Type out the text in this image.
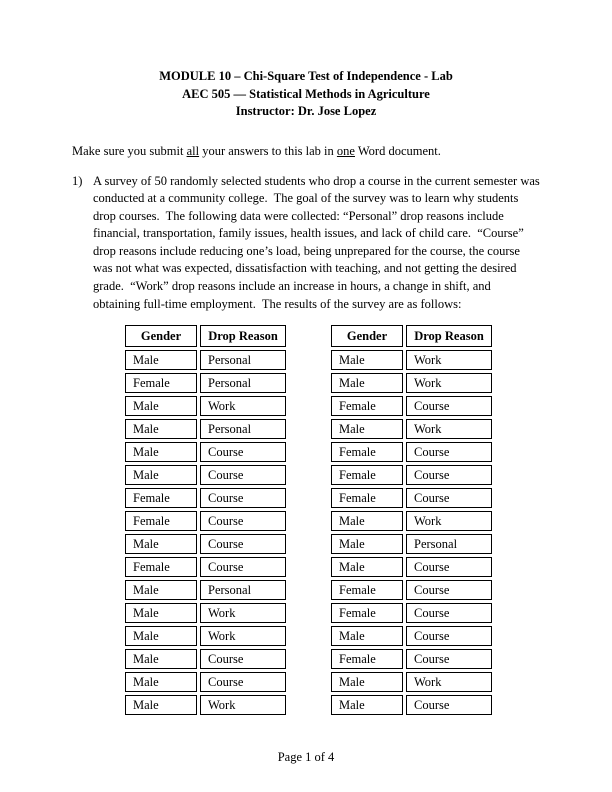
MODULE 10 – Chi-Square Test of Independence - Lab
AEC 505 — Statistical Methods in Agriculture
Instructor: Dr. Jose Lopez

Make sure you submit all your answers to this lab in one Word document.

1) A survey of 50 randomly selected students who drop a course in the current semester was conducted at a community college.  The goal of the survey was to learn why students drop courses.  The following data were collected: “Personal” drop reasons include financial, transportation, family issues, health issues, and lack of child care.  “Course” drop reasons include reducing one’s load, being unprepared for the course, the course was not what was expected, dissatisfaction with teaching, and not getting the desired grade.  “Work” drop reasons include an increase in hours, a change in shift, and obtaining full-time employment.  The results of the survey are as follows:
Gender	Drop Reason
Male	Personal
Female	Personal
Male	Work
Male	Personal
Male	Course
Male	Course
Female	Course
Female	Course
Male	Course
Female	Course
Male	Personal
Male	Work
Male	Work
Male	Course
Male	Course
Male	Work
Gender	Drop Reason
Male	Work
Male	Work
Female	Course
Male	Work
Female	Course
Female	Course
Female	Course
Male	Work
Male	Personal
Male	Course
Female	Course
Female	Course
Male	Course
Female	Course
Male	Work
Male	Course
Page 1 of 4
